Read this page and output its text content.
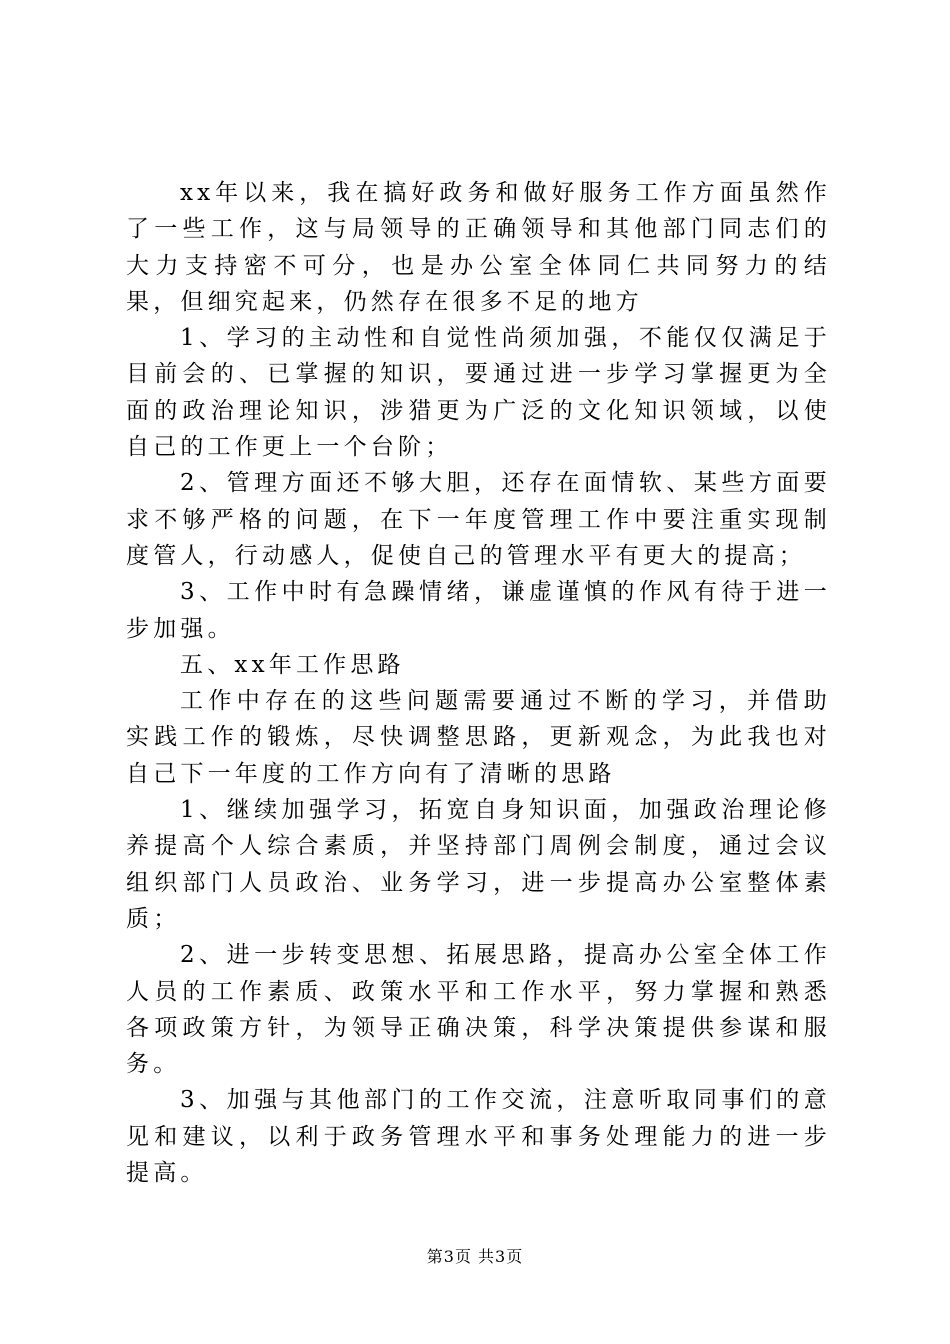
xx年以来，我在搞好政务和做好服务工作方面虽然作了一些工作，这与局领导的正确领导和其他部门同志们的大力支持密不可分，也是办公室全体同仁共同努力的结果，但细究起来，仍然存在很多不足的地方

1、学习的主动性和自觉性尚须加强，不能仅仅满足于目前会的、已掌握的知识，要通过进一步学习掌握更为全面的政治理论知识，涉猎更为广泛的文化知识领域，以使自己的工作更上一个台阶；

2、管理方面还不够大胆，还存在面情软、某些方面要求不够严格的问题，在下一年度管理工作中要注重实现制度管人，行动感人，促使自己的管理水平有更大的提高；

3、工作中时有急躁情绪，谦虚谨慎的作风有待于进一步加强。

五、xx年工作思路

工作中存在的这些问题需要通过不断的学习，并借助实践工作的锻炼，尽快调整思路，更新观念，为此我也对自己下一年度的工作方向有了清晰的思路

1、继续加强学习，拓宽自身知识面，加强政治理论修养提高个人综合素质，并坚持部门周例会制度，通过会议组织部门人员政治、业务学习，进一步提高办公室整体素质；

2、进一步转变思想、拓展思路，提高办公室全体工作人员的工作素质、政策水平和工作水平，努力掌握和熟悉各项政策方针，为领导正确决策，科学决策提供参谋和服务。

3、加强与其他部门的工作交流，注意听取同事们的意见和建议，以利于政务管理水平和事务处理能力的进一步提高。

第3页 共3页
